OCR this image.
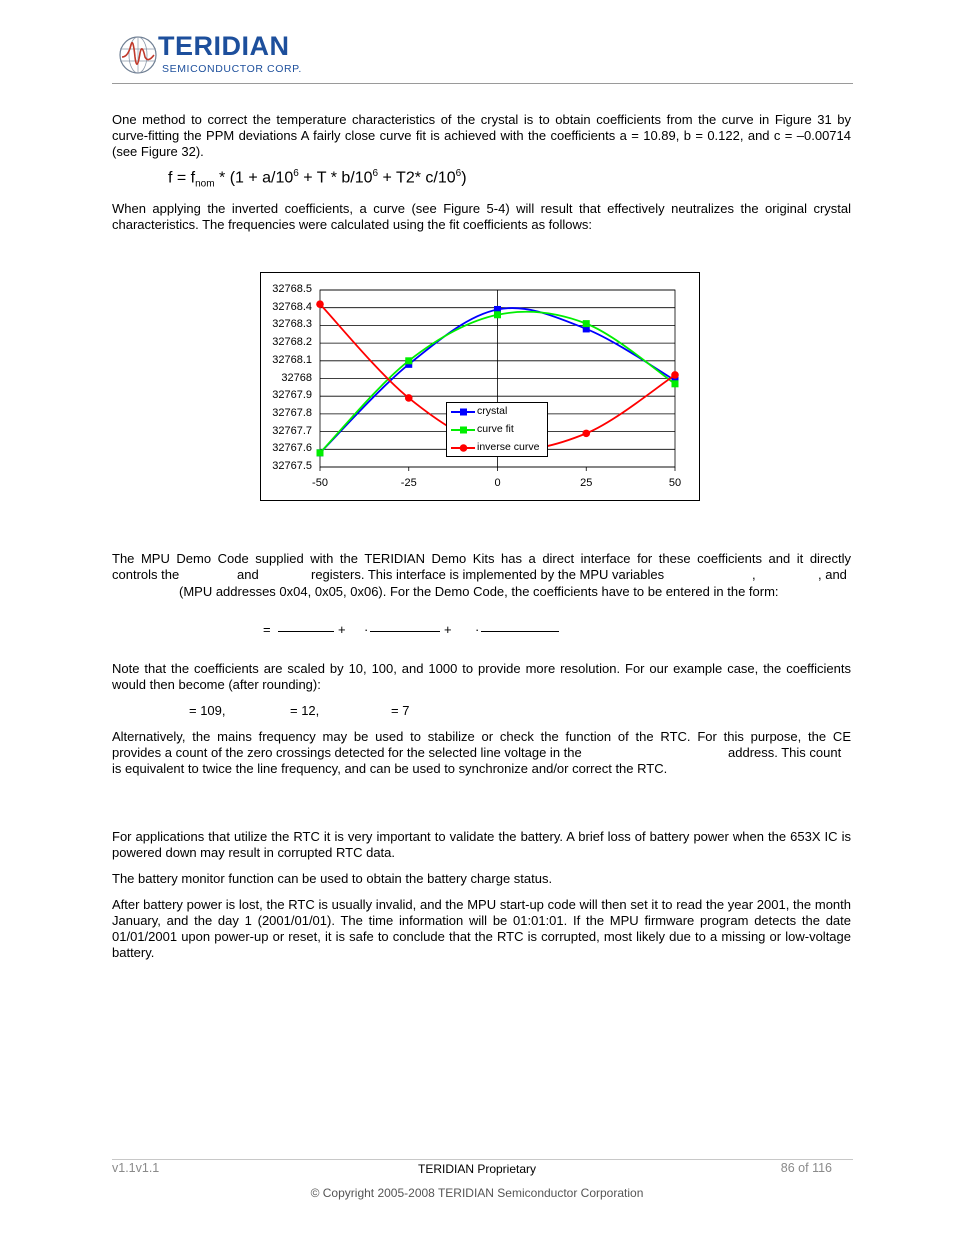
TERIDIAN
SEMICONDUCTOR CORP.
One method to correct the temperature characteristics of the crystal is to obtain coefficients from the curve in Figure 31 by curve-fitting the PPM deviations A fairly close curve fit is achieved with the coefficients a = 10.89, b = 0.122, and c = –0.00714 (see Figure 32).
$f = f_{nom} * (1 + a/10^6 + T * b/10^6 + T2*$ $c/10^6$)
When applying the inverted coefficients, a curve (see Figure 5-4) will result that effectively neutralizes the original crystal characteristics. The frequencies were calculated using the fit coefficients as follows:
32768.5
32768.4
32768.3
32768.2
32768.1
32768
32767.9
32767.8
32767.7
32767.6
32767.5
-50	-25	0	25	50
crystal
curve fit
inverse curve
The MPU Demo Code supplied with the TERIDIAN Demo Kits has a direct interface for these coefficients and it directly
controls the	and	registers. This interface is implemented by the MPU variables	,	, and
(MPU addresses 0x04, 0x05, 0x06). For the Demo Code, the coefficients have to be entered in the form:
=	+ ·	+ ·
Note that the coefficients are scaled by 10, 100, and 1000 to provide more resolution. For our example case, the coefficients would then become (after rounding):
= 109,	= 12,	= 7
Alternatively, the mains frequency may be used to stabilize or check the function of the RTC. For this purpose, the CE
provides a count of the zero crossings detected for the selected line voltage in the	address. This count
is equivalent to twice the line frequency, and can be used to synchronize and/or correct the RTC.
For applications that utilize the RTC it is very important to validate the battery. A brief loss of battery power when the 653X IC is powered down may result in corrupted RTC data.
The battery monitor function can be used to obtain the battery charge status.
After battery power is lost, the RTC is usually invalid, and the MPU start-up code will then set it to read the year 2001, the month January, and the day 1 (2001/01/01). The time information will be 01:01:01. If the MPU firmware program detects the date 01/01/2001 upon power-up or reset, it is safe to conclude that the RTC is corrupted, most likely due to a missing or low-voltage battery.
v1.1v1.1	TERIDIAN Proprietary	86 of 116
© Copyright 2005-2008 TERIDIAN Semiconductor Corporation
